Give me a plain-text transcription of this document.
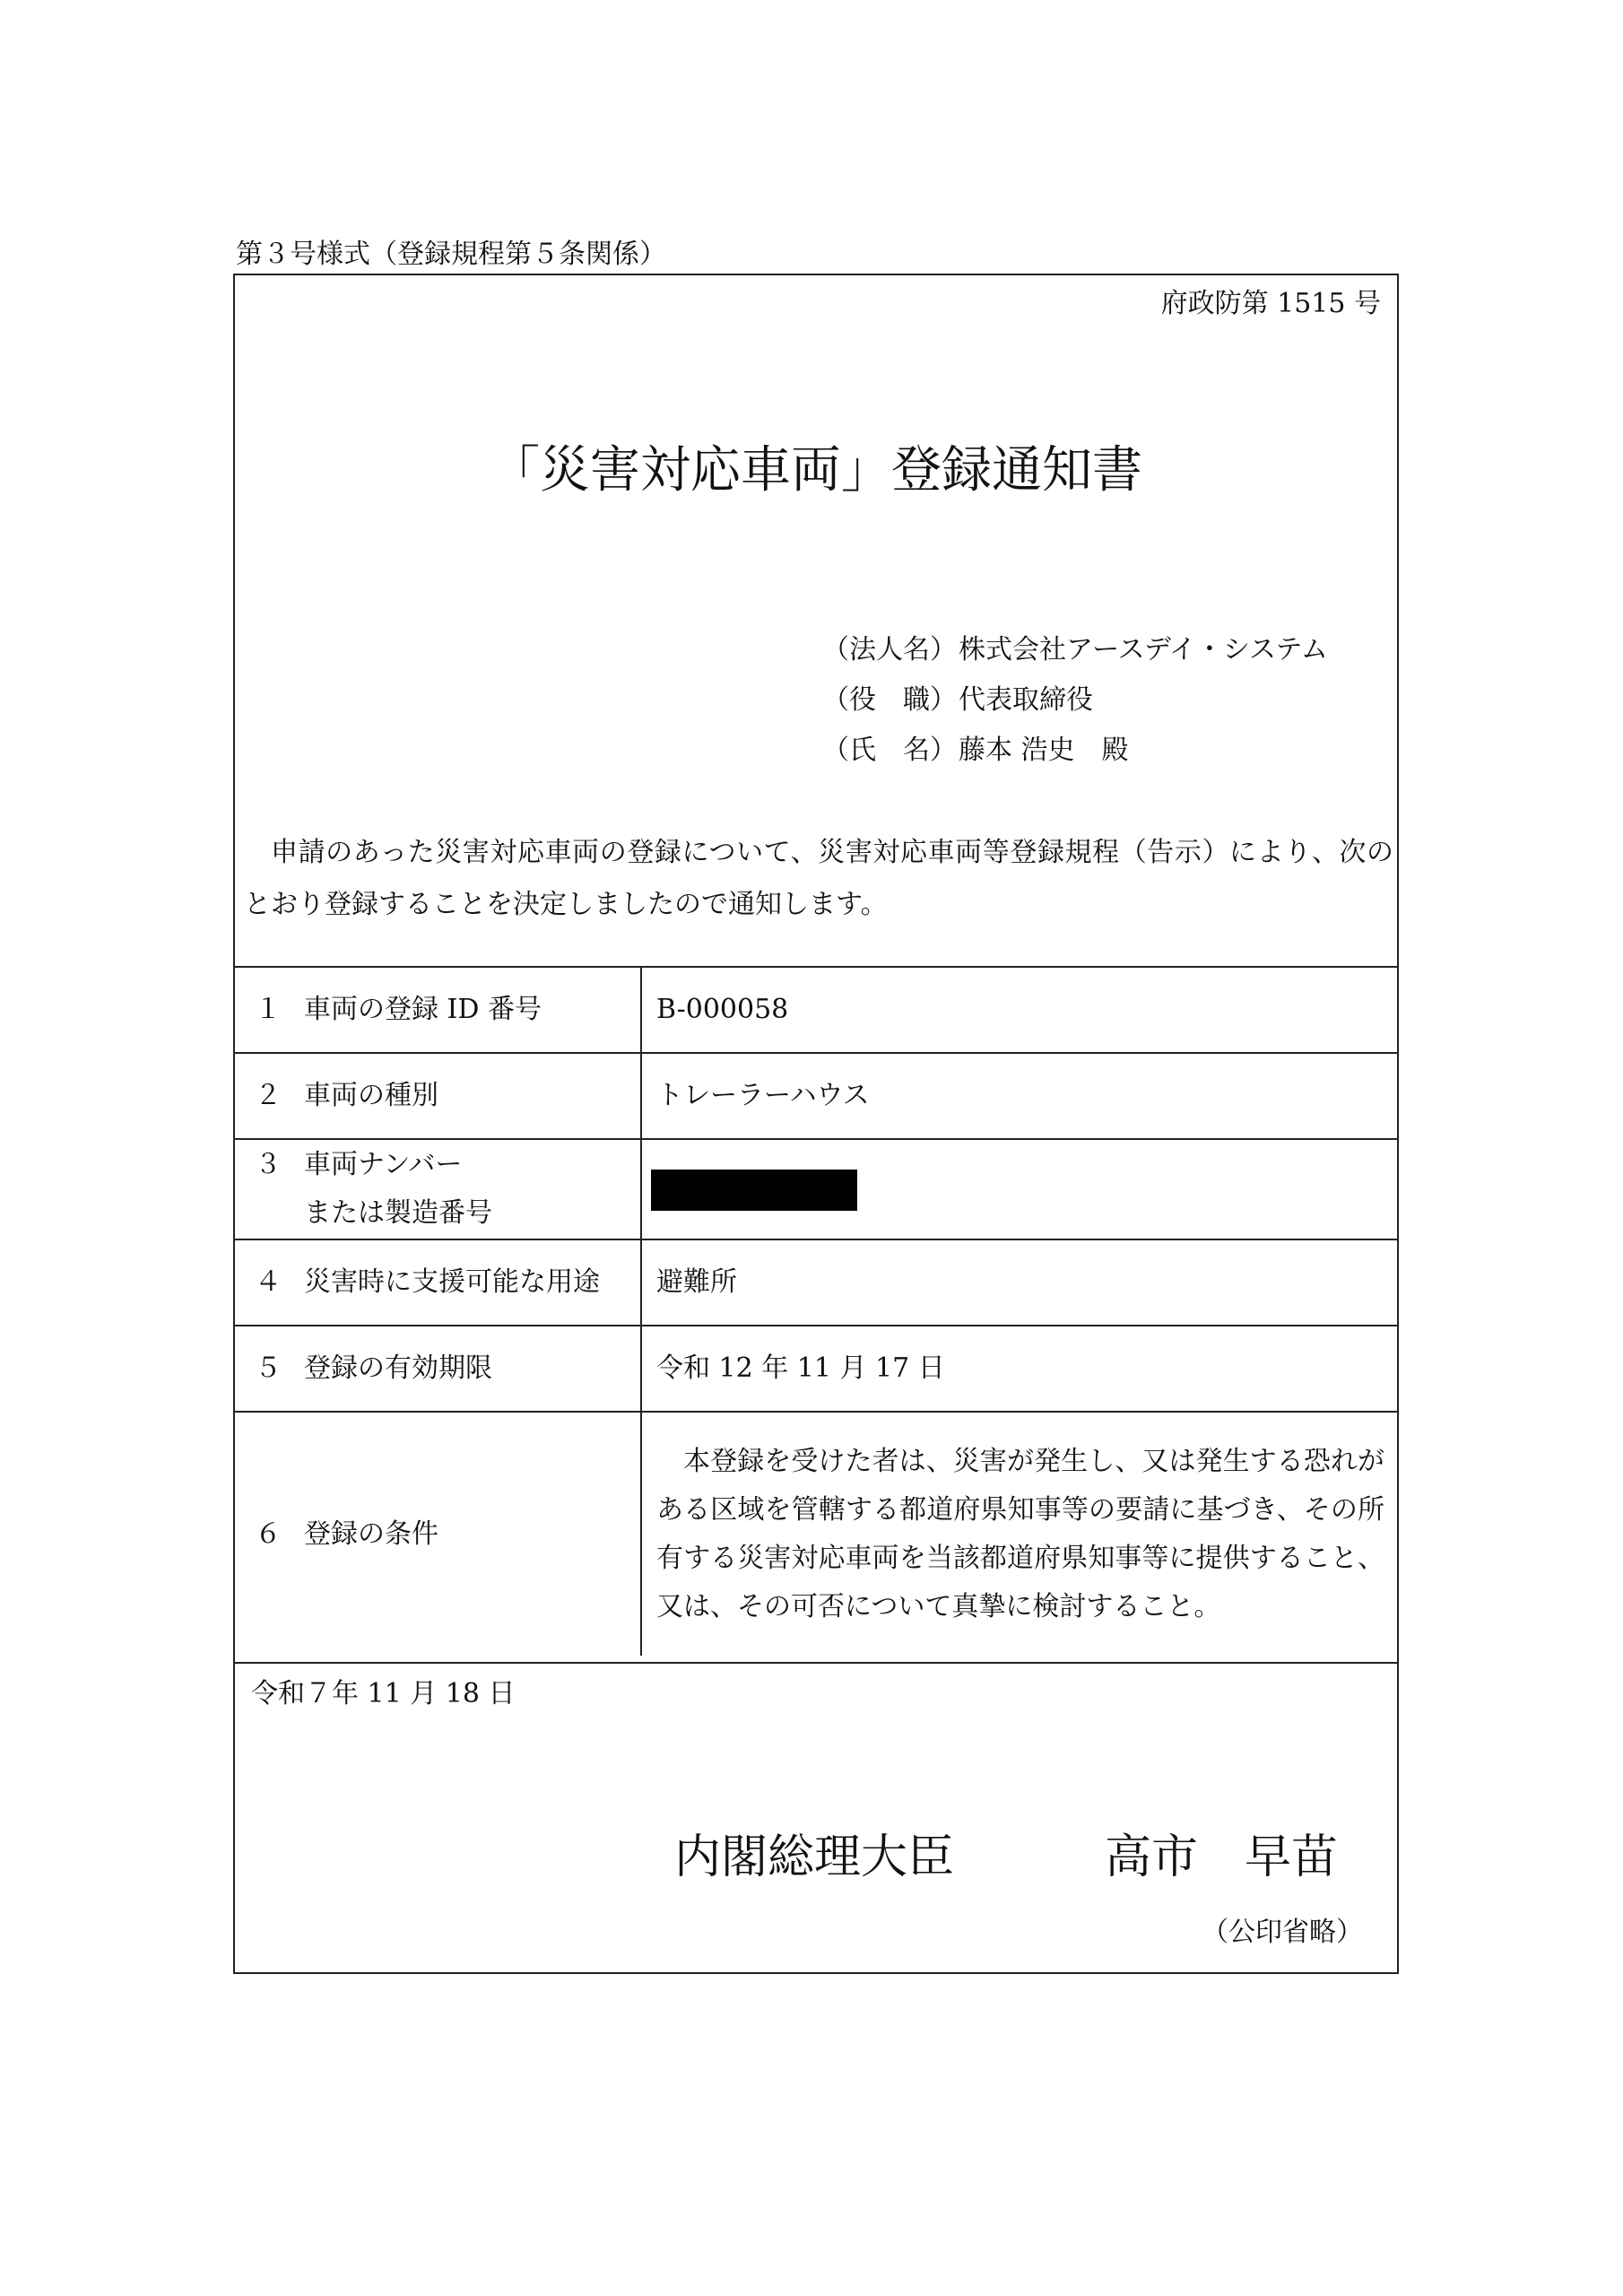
第３号様式（登録規程第５条関係）
府政防第 1515 号
「災害対応車両」登録通知書
（法人名）株式会社アースデイ・システム
（役　職）代表取締役
（氏　名）藤本 浩史　殿
申請のあった災害対応車両の登録について、災害対応車両等登録規程（告示）により、次のとおり登録することを決定しましたので通知します。
１ 車両の登録 ID 番号	B-000058
２ 車両の種別	トレーラーハウス
３ 車両ナンバー
または製造番号	

４ 災害時に支援可能な用途	避難所
５ 登録の有効期限	令和 12 年 11 月 17 日
６ 登録の条件	本登録を受けた者は、災害が発生し、又は発生する恐れがある区域を管轄する都道府県知事等の要請に基づき、その所有する災害対応車両を当該都道府県知事等に提供すること、又は、その可否について真摯に検討すること。
令和７年 11 月 18 日
内閣総理大臣	高市　早苗
（公印省略）
